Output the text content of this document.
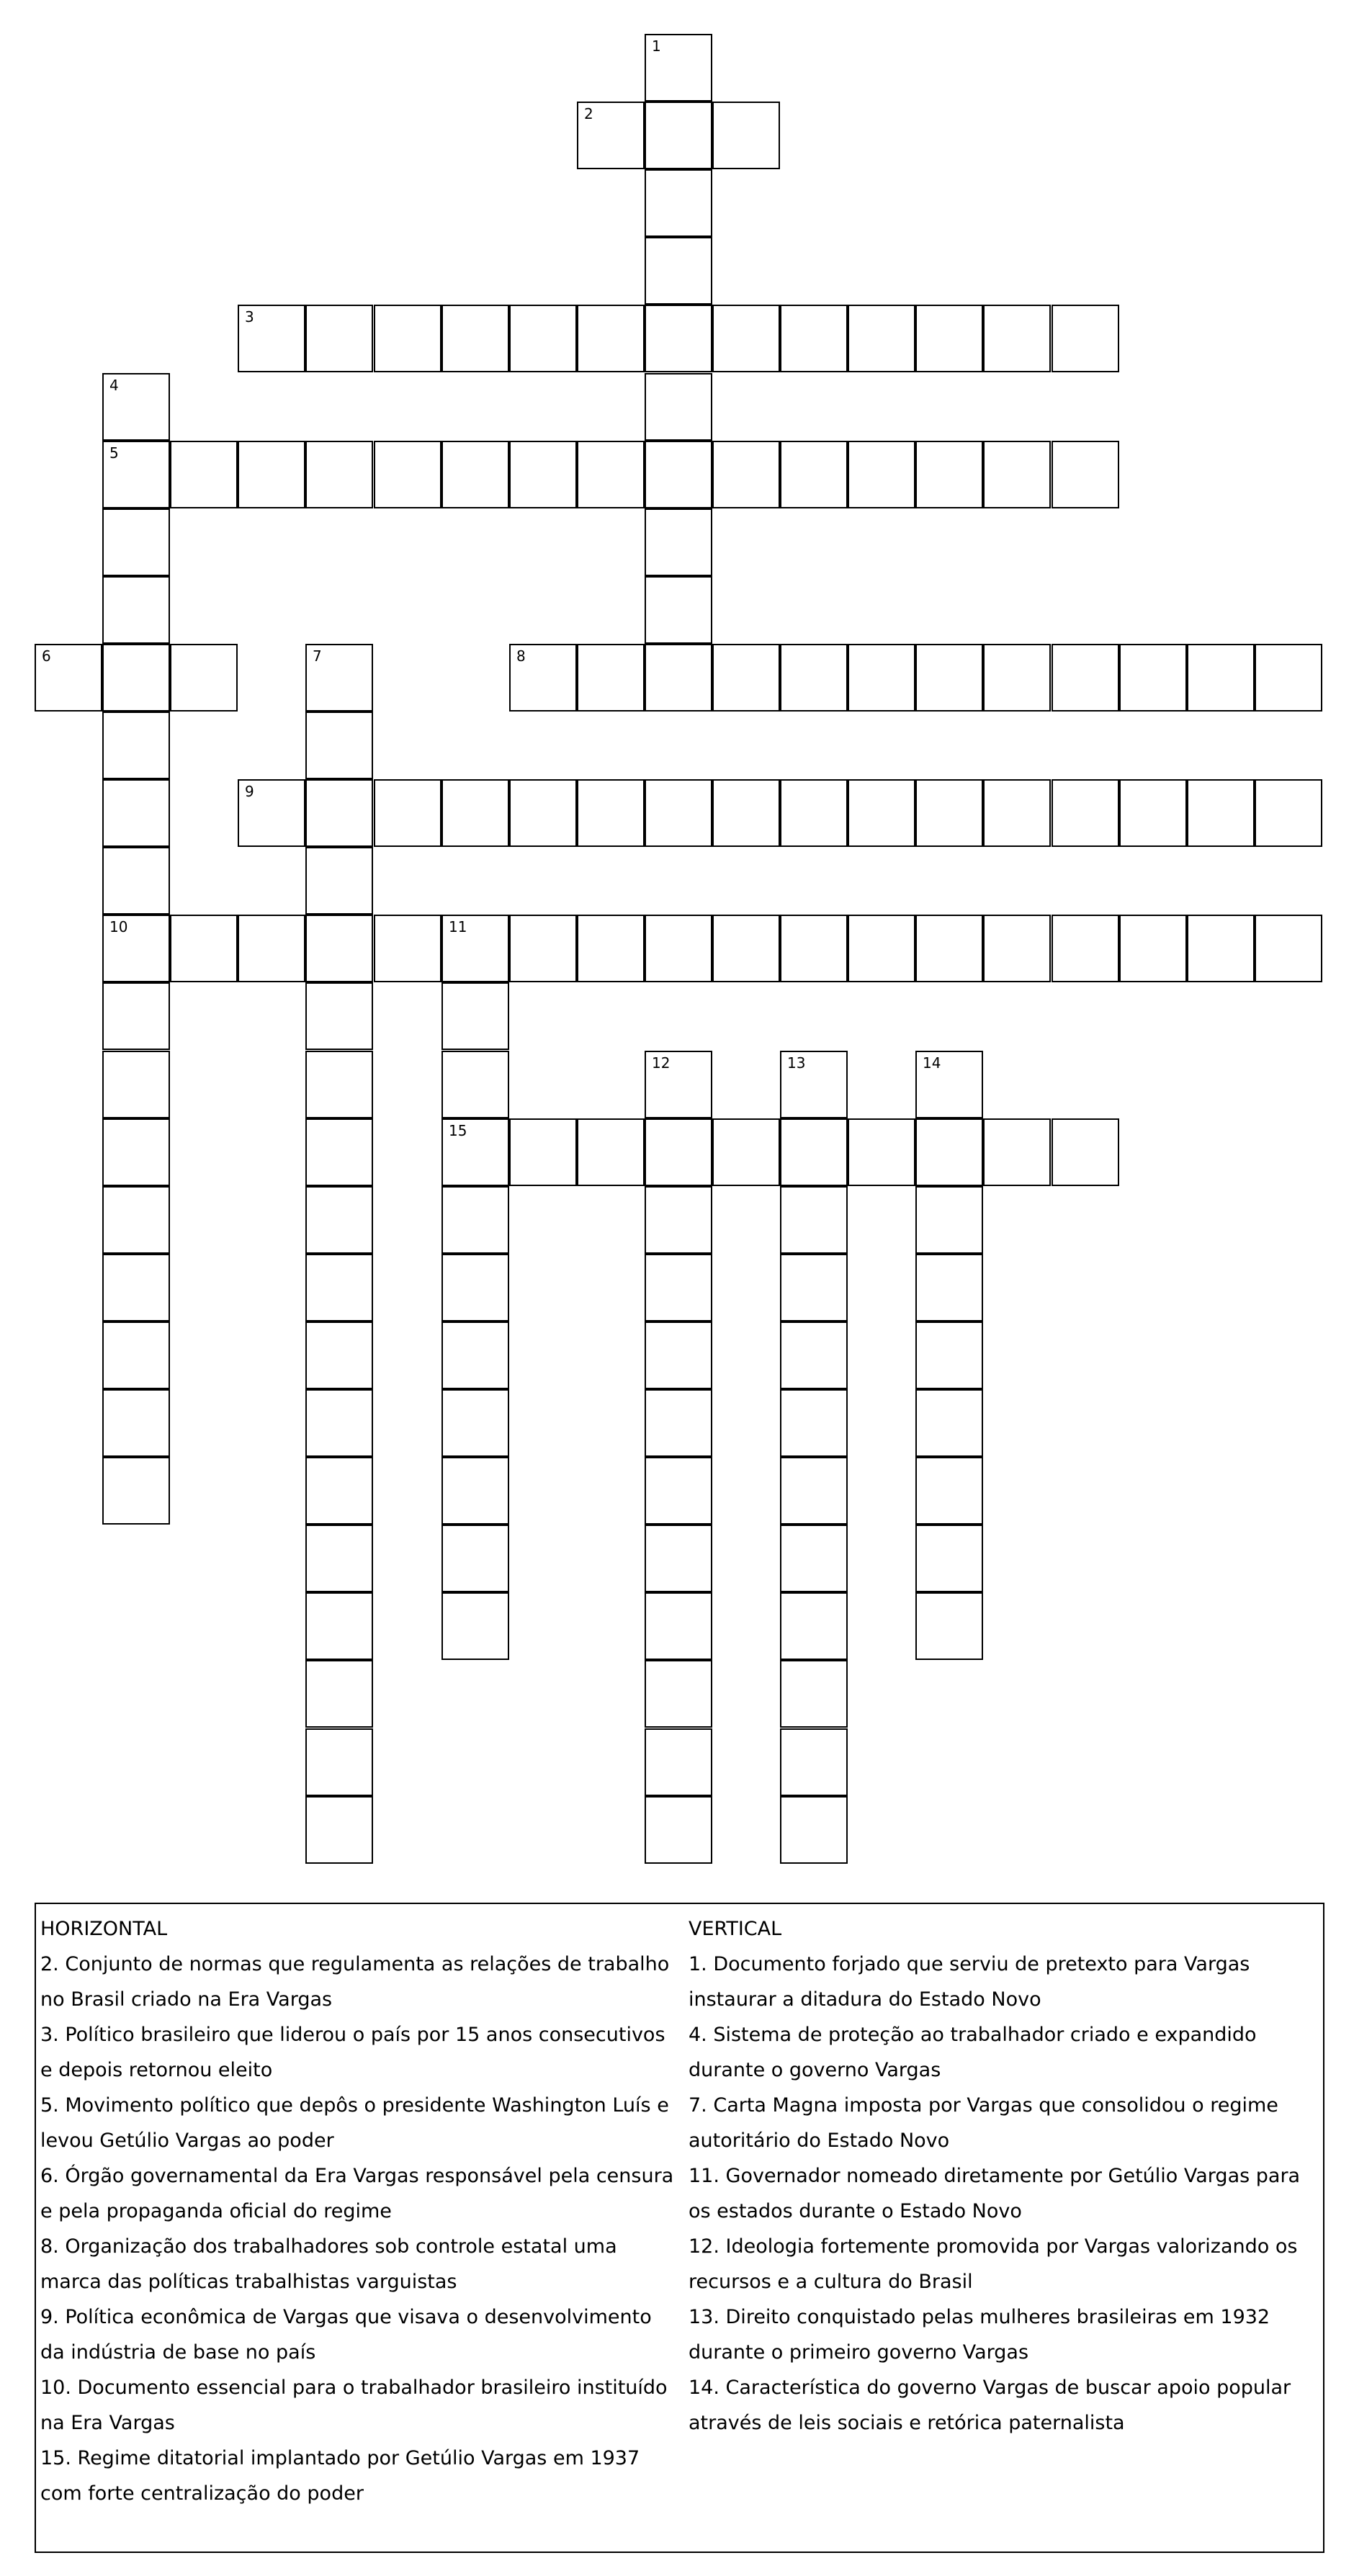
1
2
3
4
5
10
6	7	8
9
11
15
12	13	14

HORIZONTAL

2. Conjunto de normas que regulamenta as relações de trabalho no Brasil criado na Era Vargas

3. Político brasileiro que liderou o país por 15 anos consecutivos e depois retornou eleito

5. Movimento político que depôs o presidente Washington Luís e levou Getúlio Vargas ao poder

6. Órgão governamental da Era Vargas responsável pela censura e pela propaganda oficial do regime

8. Organização dos trabalhadores sob controle estatal uma marca das políticas trabalhistas varguistas

9. Política econômica de Vargas que visava o desenvolvimento da indústria de base no país

10. Documento essencial para o trabalhador brasileiro instituído na Era Vargas

15. Regime ditatorial implantado por Getúlio Vargas em 1937 com forte centralização do poder

VERTICAL

1. Documento forjado que serviu de pretexto para Vargas instaurar a ditadura do Estado Novo

4. Sistema de proteção ao trabalhador criado e expandido durante o governo Vargas

7. Carta Magna imposta por Vargas que consolidou o regime autoritário do Estado Novo

11. Governador nomeado diretamente por Getúlio Vargas para os estados durante o Estado Novo

12. Ideologia fortemente promovida por Vargas valorizando os recursos e a cultura do Brasil

13. Direito conquistado pelas mulheres brasileiras em 1932 durante o primeiro governo Vargas

14. Característica do governo Vargas de buscar apoio popular através de leis sociais e retórica paternalista
